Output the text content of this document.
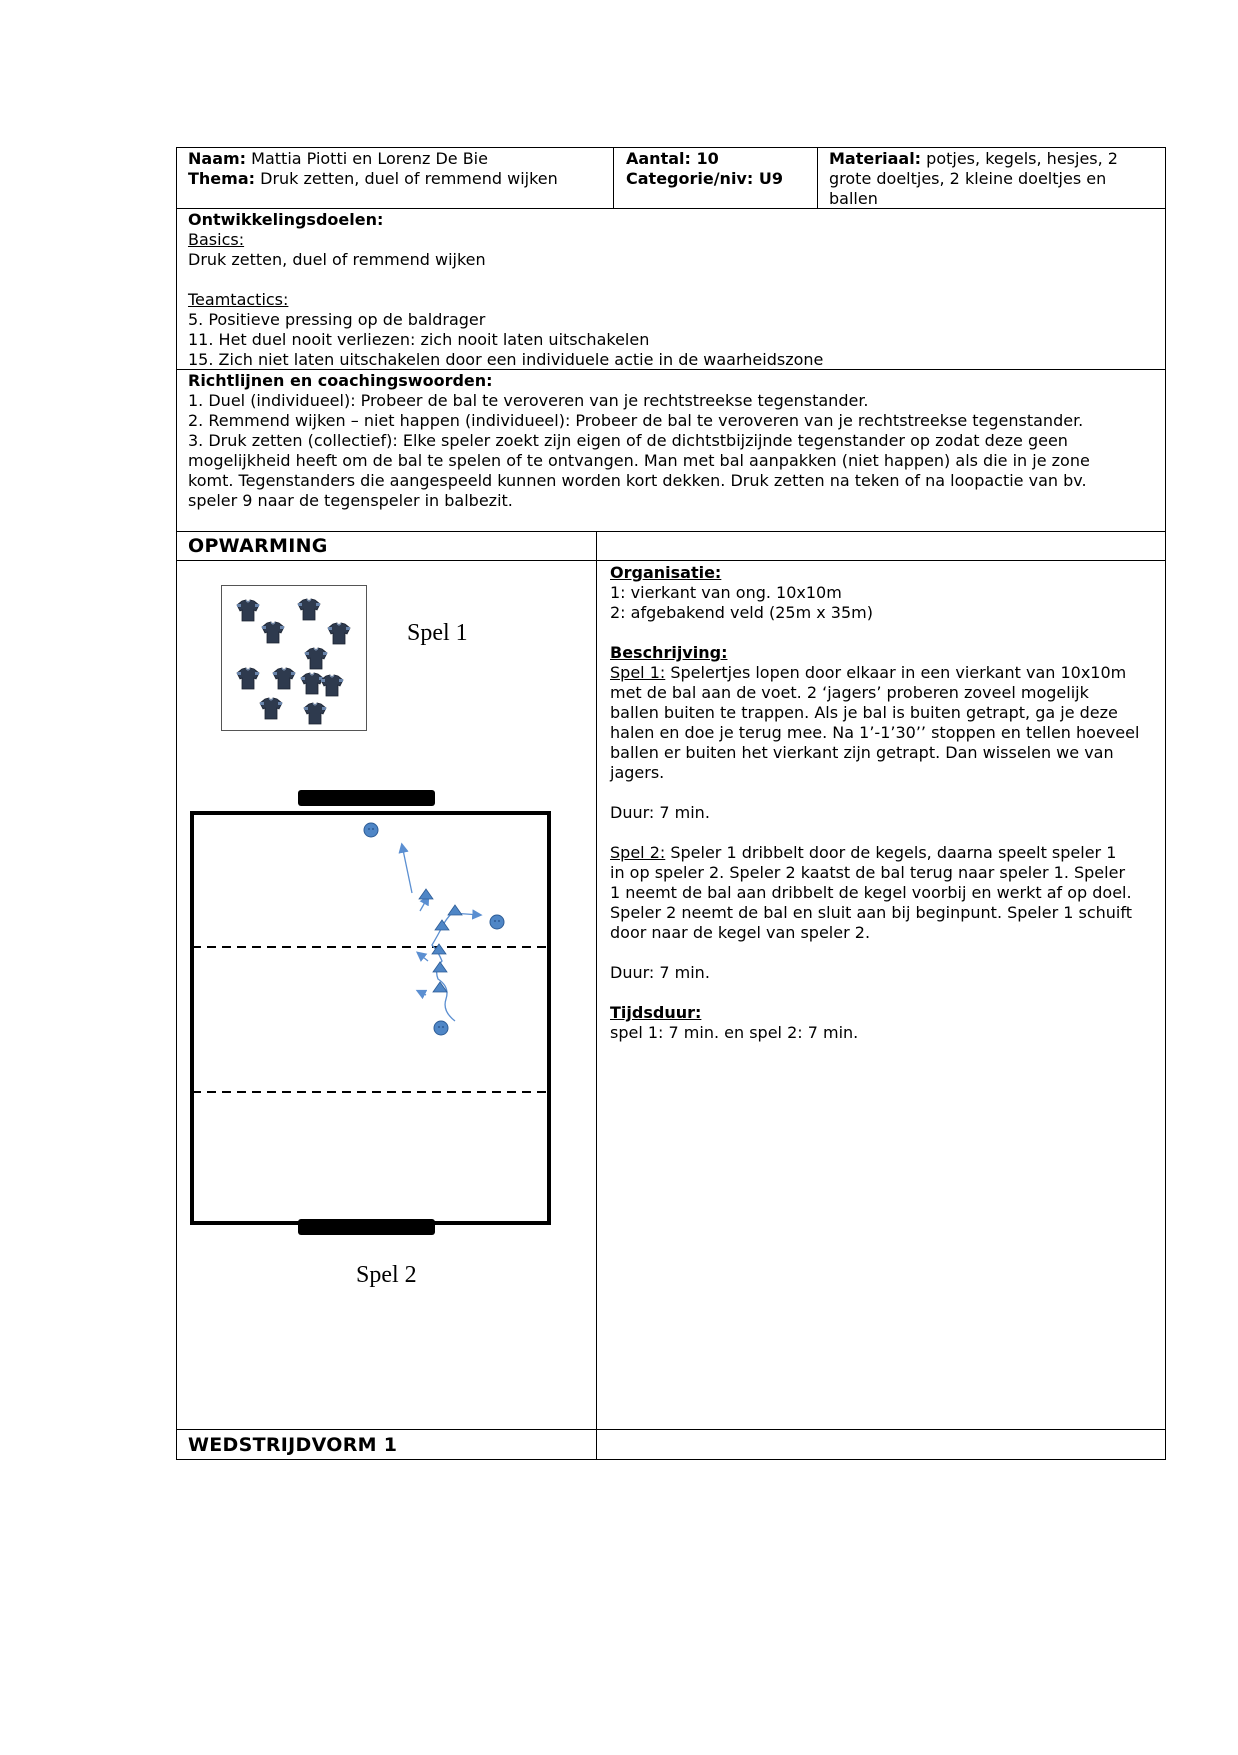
Naam: Mattia Piotti en Lorenz De Bie
Thema: Druk zetten, duel of remmend wijken
Aantal: 10
Categorie/niv: U9
Materiaal: potjes, kegels, hesjes, 2
grote doeltjes, 2 kleine doeltjes en
ballen
Ontwikkelingsdoelen:
Basics:
Druk zetten, duel of remmend wijken
Teamtactics:
5. Positieve pressing op de baldrager
11. Het duel nooit verliezen: zich nooit laten uitschakelen
15. Zich niet laten uitschakelen door een individuele actie in de waarheidszone
Richtlijnen en coachingswoorden:
1. Duel (individueel): Probeer de bal te veroveren van je rechtstreekse tegenstander.
2. Remmend wijken – niet happen (individueel): Probeer de bal te veroveren van je rechtstreekse tegenstander.
3. Druk zetten (collectief): Elke speler zoekt zijn eigen of de dichtstbijzijnde tegenstander op zodat deze geen
mogelijkheid heeft om de bal te spelen of te ontvangen. Man met bal aanpakken (niet happen) als die in je zone
komt. Tegenstanders die aangespeeld kunnen worden kort dekken. Druk zetten na teken of na loopactie van bv.
speler 9 naar de tegenspeler in balbezit.
OPWARMING
Spel 1
Spel 2
Organisatie:
1: vierkant van ong. 10x10m
2: afgebakend veld (25m x 35m)
Beschrijving:
Spel 1: Spelertjes lopen door elkaar in een vierkant van 10x10m
met de bal aan de voet. 2 ‘jagers’ proberen zoveel mogelijk
ballen buiten te trappen. Als je bal is buiten getrapt, ga je deze
halen en doe je terug mee. Na 1’-1’30’’ stoppen en tellen hoeveel
ballen er buiten het vierkant zijn getrapt. Dan wisselen we van
jagers.
Duur: 7 min.
Spel 2: Speler 1 dribbelt door de kegels, daarna speelt speler 1
in op speler 2. Speler 2 kaatst de bal terug naar speler 1. Speler
1 neemt de bal aan dribbelt de kegel voorbij en werkt af op doel.
Speler 2 neemt de bal en sluit aan bij beginpunt. Speler 1 schuift
door naar de kegel van speler 2.
Duur: 7 min.
Tijdsduur:
spel 1: 7 min. en spel 2: 7 min.
WEDSTRIJDVORM 1
